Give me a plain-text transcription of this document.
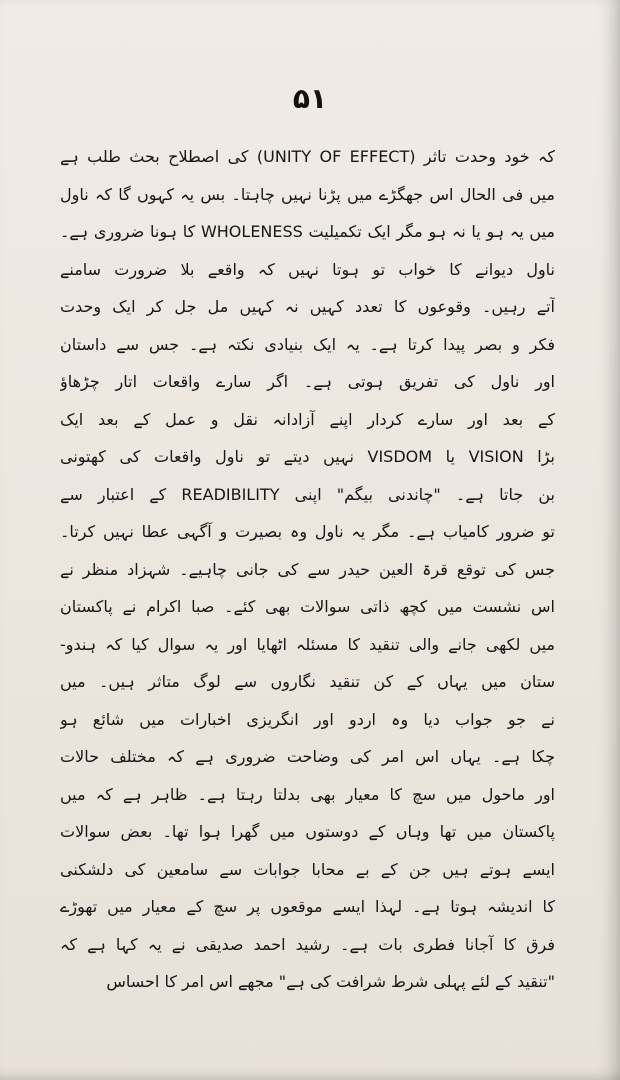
۵۱
کہ خود وحدت تاثر (UNITY OF EFFECT) کی اصطلاح بحث طلب ہے
میں فی الحال اس جھگڑے میں پڑنا نہیں چاہتا۔ بس یہ کہوں گا کہ ناول
میں یہ ہو یا نہ ہو مگر ایک تکمیلیت WHOLENESS کا ہونا ضروری ہے۔
ناول دیوانے کا خواب تو ہوتا نہیں کہ واقعے بلا ضرورت سامنے
آتے رہیں۔ وقوعوں کا تعدد کہیں نہ کہیں مل جل کر ایک وحدت
فکر و بصر پیدا کرتا ہے۔ یہ ایک بنیادی نکتہ ہے۔ جس سے داستان
اور ناول کی تفریق ہوتی ہے۔ اگر سارے واقعات اتار چڑھاؤ
کے بعد اور سارے کردار اپنے آزادانہ نقل و عمل کے بعد ایک
بڑا VISION یا VISDOM نہیں دیتے تو ناول واقعات کی کھتونی
بن جاتا ہے۔ "چاندنی بیگم" اپنی READIBILITY کے اعتبار سے
تو ضرور کامیاب ہے۔ مگر یہ ناول وہ بصیرت و آگہی عطا نہیں کرتا۔
جس کی توقع قرۃ العین حیدر سے کی جانی چاہیے۔ شہزاد منظر نے
اس نشست میں کچھ ذاتی سوالات بھی کئے۔ صبا اکرام نے پاکستان
میں لکھی جانے والی تنقید کا مسئلہ اٹھایا اور یہ سوال کیا کہ ہندو-
ستان میں یہاں کے کن تنقید نگاروں سے لوگ متاثر ہیں۔ میں
نے جو جواب دیا وہ اردو اور انگریزی اخبارات میں شائع ہو
چکا ہے۔ یہاں اس امر کی وضاحت ضروری ہے کہ مختلف حالات
اور ماحول میں سچ کا معیار بھی بدلتا رہتا ہے۔ ظاہر ہے کہ میں
پاکستان میں تھا وہاں کے دوستوں میں گھرا ہوا تھا۔ بعض سوالات
ایسے ہوتے ہیں جن کے بے محابا جوابات سے سامعین کی دلشکنی
کا اندیشہ ہوتا ہے۔ لہذا ایسے موقعوں پر سچ کے معیار میں تھوڑے
فرق کا آجانا فطری بات ہے۔ رشید احمد صدیقی نے یہ کہا ہے کہ
"تنقید کے لئے پہلی شرط شرافت کی ہے" مجھے اس امر کا احساس
